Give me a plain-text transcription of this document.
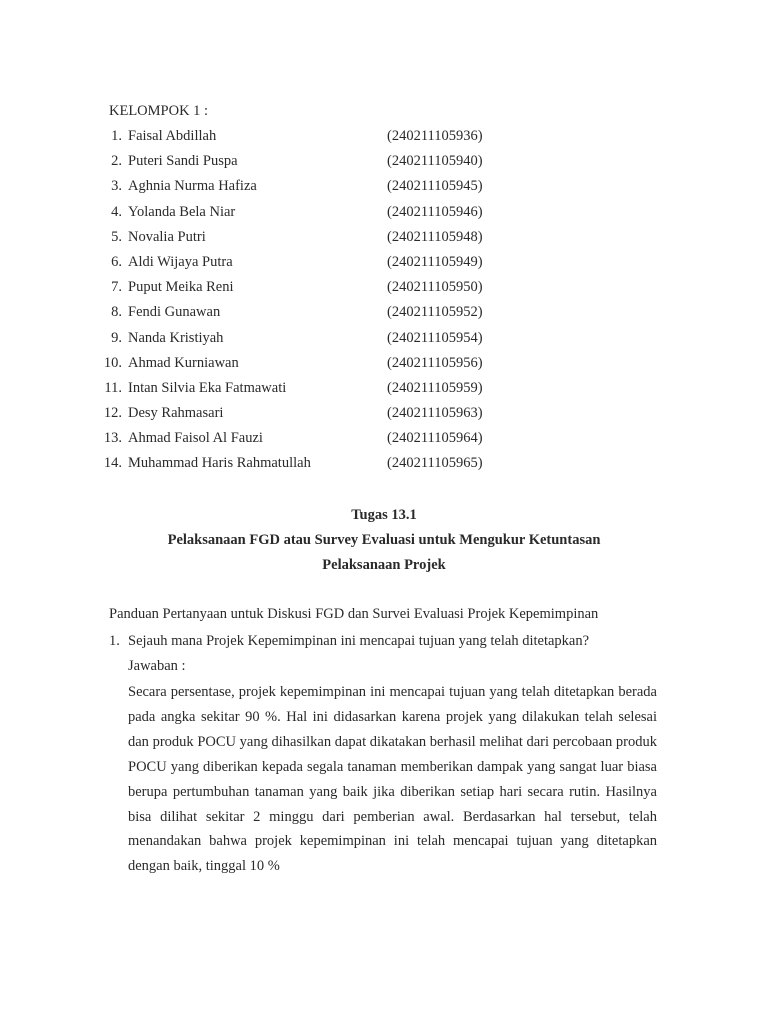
KELOMPOK 1 :
1. Faisal Abdillah	(240211105936)
2. Puteri Sandi Puspa	(240211105940)
3. Aghnia Nurma Hafiza	(240211105945)
4. Yolanda Bela Niar	(240211105946)
5. Novalia Putri	(240211105948)
6. Aldi Wijaya Putra	(240211105949)
7. Puput Meika Reni	(240211105950)
8. Fendi Gunawan	(240211105952)
9. Nanda Kristiyah	(240211105954)
10. Ahmad Kurniawan	(240211105956)
11. Intan Silvia Eka Fatmawati	(240211105959)
12. Desy Rahmasari	(240211105963)
13. Ahmad Faisol Al Fauzi	(240211105964)
14. Muhammad Haris Rahmatullah	(240211105965)
Tugas 13.1
Pelaksanaan FGD atau Survey Evaluasi untuk Mengukur Ketuntasan
Pelaksanaan Projek
Panduan Pertanyaan untuk Diskusi FGD dan Survei Evaluasi Projek Kepemimpinan
1. Sejauh mana Projek Kepemimpinan ini mencapai tujuan yang telah ditetapkan?
Jawaban :
Secara persentase, projek kepemimpinan ini mencapai tujuan yang telah ditetapkan berada pada angka sekitar 90 %. Hal ini didasarkan karena projek yang dilakukan telah selesai dan produk POCU yang dihasilkan dapat dikatakan berhasil melihat dari percobaan produk POCU yang diberikan kepada segala tanaman memberikan dampak yang sangat luar biasa berupa pertumbuhan tanaman yang baik jika diberikan setiap hari secara rutin. Hasilnya bisa dilihat sekitar 2 minggu dari pemberian awal. Berdasarkan hal tersebut, telah menandakan bahwa projek kepemimpinan ini telah mencapai tujuan yang ditetapkan dengan baik, tinggal 10 %
